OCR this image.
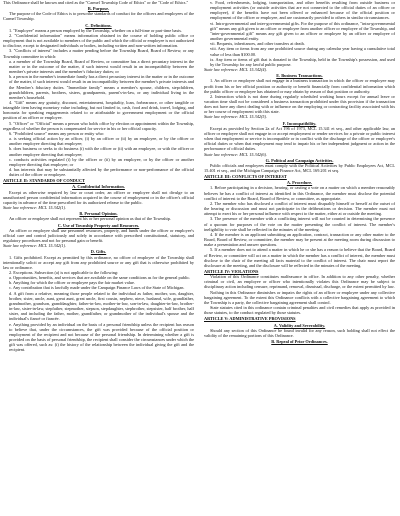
This Ordinance shall be known and cited as the "Carmel Township Code of Ethics" or the "Code of Ethics."

B. Purpose.

The purpose of the Code of Ethics is to prescribe standards of conduct for the officers and employees of the Carmel Township.

C. Definitions.

1. "Employee" means a person employed by the Township, whether on a full-time or part-time basis.

2. "Confidential information" means information obtained in the course of holding public office or employment that is not available to members of the public and which the official or employee is not authorized to disclose, except to designated individuals or bodies, including written and non-written information.

3. "Conflicts of interest" includes a matter pending before the Township Board, Board of Review, or any Township committee in which:

a. a member of the Township Board, Board of Review, or committee has a direct pecuniary interest in the matter or in the outcome of the matter, if such interest would result in an incompatibility between the member's private interests and the member's fiduciary duties; or

b. a person in the member's immediate family has a direct pecuniary interest in the matter or in the outcome of the matter, if such interest would result in an incompatibility between the member's private interests and the Member's fiduciary duties. "Immediate family" means a member's spouse, children, stepchildren, grandchildren, parents, brothers, sisters, grandparents, parent's-in-law, or any individual living in the member's household.

4. "Gift" means any gratuity, discount, entertainment, hospitality, loan, forbearance, or other tangible or intangible item having monetary value including, but not limited to, cash, food and drink, travel, lodging, and honoraria for speaking engagements related to or attributable to government employment or the official position of an officer or employee.

5. "Officer" or "Official" means a person who holds office by election or appointment within the Township, regardless of whether the person is compensated for service in his or her official capacity.

6. "Prohibited source" means any person or entity who:

a. is seeking official action by an officer, (i) by an officer or (ii) by an employee, or by the officer or another employee directing that employee;

b. does business or seeks to do business (i) with the officer or (ii) with an employee, or with the officer or another employee directing that employee;

c. conducts activities regulated (i) by the officer or (ii) by an employee, or by the officer or another employee directing that employee; or

d. has interests that may be substantially affected by the performance or non-performance of the official duties of the officer or employee.

ARTICLE II: STANDARDS OF CONDUCT

A. Confidential Information.

Except as otherwise required by law or court order, an officer or employee shall not divulge to an unauthorized person confidential information acquired in the course of employment or in the officer's official capacity in advance of the time prescribed for its authorized release to the public.

State law reference: MCL 15.342(1).

B. Personal Opinion.

An officer or employee shall not represent his or her personal opinion as that of the Township.

C. Use of Township Property and Resources.

An officer or employee shall use personnel resources, property, and funds under the officer or employee's official care and control judiciously and solely in accordance with prescribed constitutional, statutory, and regulatory procedures and not for personal gain or benefit.

State law reference: MCL 15.342(1).

D. Gifts.

1. Gifts prohibited. Except as permitted by this ordinance, no officer of employee of the Township shall intentionally solicit or accept any gift from any prohibited source or any gift that is otherwise prohibited by law or ordinance.

2. Exceptions. Subsection (a) is not applicable to the following:

a. Opportunities, benefits, and services that are available on the same conditions as for the general public.

b. Anything for which the officer or employee pays the fair market value.

c. Any contribution that is lawfully made under the Campaign Finance Laws of the State of Michigan.

d. A gift from a relative, meaning those people related to the individual as father, mother, son, daughter, brother, sister, uncle, aunt, great aunt, great uncle, first cousin, nephew, niece, husband, wife, grandfather, grandmother, grandson, granddaughter, father-in-law, mother-in-law, son-in-law, daughter-in-law, brother-in-law, sister-in-law, stepfather, stepmother, stepson, stepdaughter, stepbrother, stepsister, half brother, half sister, and including the father, mother, grandfather, or grandmother of the individual's spouse and the individual's fiancé or fiancée.

e. Anything provided by an individual on the basis of a personal friendship unless the recipient has reason to believe that, under the circumstances, the gift was provided because of the official position or employment of the recipient and not because of the personal friendship. In determining whether a gift is provided on the basis of personal friendship, the recipient shall consider the circumstances under which the gift was offered, such as: (i) the history of the relationship between the individual giving the gift and the recipient.

v. Food, refreshments, lodging, transportation, and other benefits resulting from outside business or employment activities (or outside activities that are not connected to the official duties of an officer or employee), if the benefits have not been offered or enhanced because of the official position or employment of the officer or employee, and are customarily provided to others in similar circumstances.

vi. Intra-governmental and inter-governmental gifts. For the purpose of this ordinance, "intra-governmental gift" means any gift given to an officer or employee from another officer or employee of the Township, and "inter-governmental gift" means any gift given to an officer or employee by an officer or employee of another governmental entity.

vii. Bequests, inheritances, and other transfers at death.

viii. Any item or items from any one prohibited source during any calendar year having a cumulative total value of less than $100.00.

ix. Any item or items of gift that is donated to the Township, held in the Township's possession, and used by the Township for any lawful public purpose.

State law reference: MCL 15.342(4).

E. Business Transactions.

1. An officer or employee shall not engage in a business transaction in which the officer or employee may profit from his or her official position or authority or benefit financially from confidential information which the public officer or employee has obtained or may obtain by reason of that position or authority.

2. Interaction which is not done during regularly scheduled working hours except for annual leave or vacation time shall not be considered a business transaction prohibited under this provision if the transaction does not have any direct dealing with or influence on the employing or contracting facility associated with his or her course of employment with this state.

State law reference: MCL 15.342(5).

F. Incompatibility.

Except as provided by Section 2a of Act 196 of 1973, MCL 15.341 et seq., and other applicable law, an officer or employee shall not engage in or accept employment or render services for a private or public interest when that employment or service is incompatible or in conflict with the discharge of the officer or employee's official duties or when that employment may tend to impair his or her independent judgment or action in the performance of official duties.

State law reference: MCL 15.342(6).

G. Political and Campaign Activities.

Public officials and employees must comply with the Political Activities by Public Employees Act, MCL 15.401 et seq., and the Michigan Campaign Finance Act, MCL 169.201 et seq.

ARTICLE III: CONFLICTS OF INTEREST

A. Procedure.

1. Before participating in a decision, hearing, or casting a vote on a matter on which a member reasonably believes he has a conflict of interest as identified in this Ordinance, the member must disclose the potential conflict of interest to the Board, Board of Review, or committee, as appropriate.

2. The member who has disclosed a conflict of interest must disqualify himself or herself at the outset of the hearing or discussion and must not participate in the deliberations or decision. The member must not attempt to exert his or her personal influence with respect to the matter, either at or outside the meeting.

3. The presence of the member with a conflicting interest will not be counted in determining the presence of a quorum for purposes of the vote on the matter presenting the conflict of interest. The member's ineligibility to vote shall be reflected in the minutes of the meeting.

4. If the member is an applicant submitting an application, contract, transaction or any other matter to the Board, Board of Review, or committee, the member may be present at the meeting room during discussion to make a presentation and answer questions.

5. If a member does not to attend a matter in which he or she has a reason to believe that the Board, Board of Review, or committee will act on a matter in which the member has a conflict of interest, the member must disclose to the chair of the meeting all facts material to the conflict of interest. The chair must report the disclosure at the meeting, and the disclosure will be reflected in the minutes of the meeting.

ARTICLE IV: VIOLATIONS

Violation of this Ordinance constitutes malfeasance in office. In addition to any other penalty, whether criminal or civil, an employee or officer who intentionally violates this Ordinance may be subject to disciplinary action including censure, reprimand, removal, dismissal, discharge, or the extent permitted by law.

Nothing in this Ordinance diminishes or impairs the rights of an officer or employee under any collective bargaining agreement. To the extent this Ordinance conflicts with a collective bargaining agreement to which the Township is a party, the collective bargaining agreement shall control.

State statutes cited in this ordinance contain criminal penalties and civil remedies that apply as provided in those statutes, to the conduct regulated by those statutes.

ARTICLE V: ADMINISTRATIVE PROVISIONS

A. Validity and Severability.

Should any section of this Ordinance be found invalid for any reason, such holding shall not effect the validity of the remaining portions of this Ordinance.

B. Repeal of Prior Ordinances.
